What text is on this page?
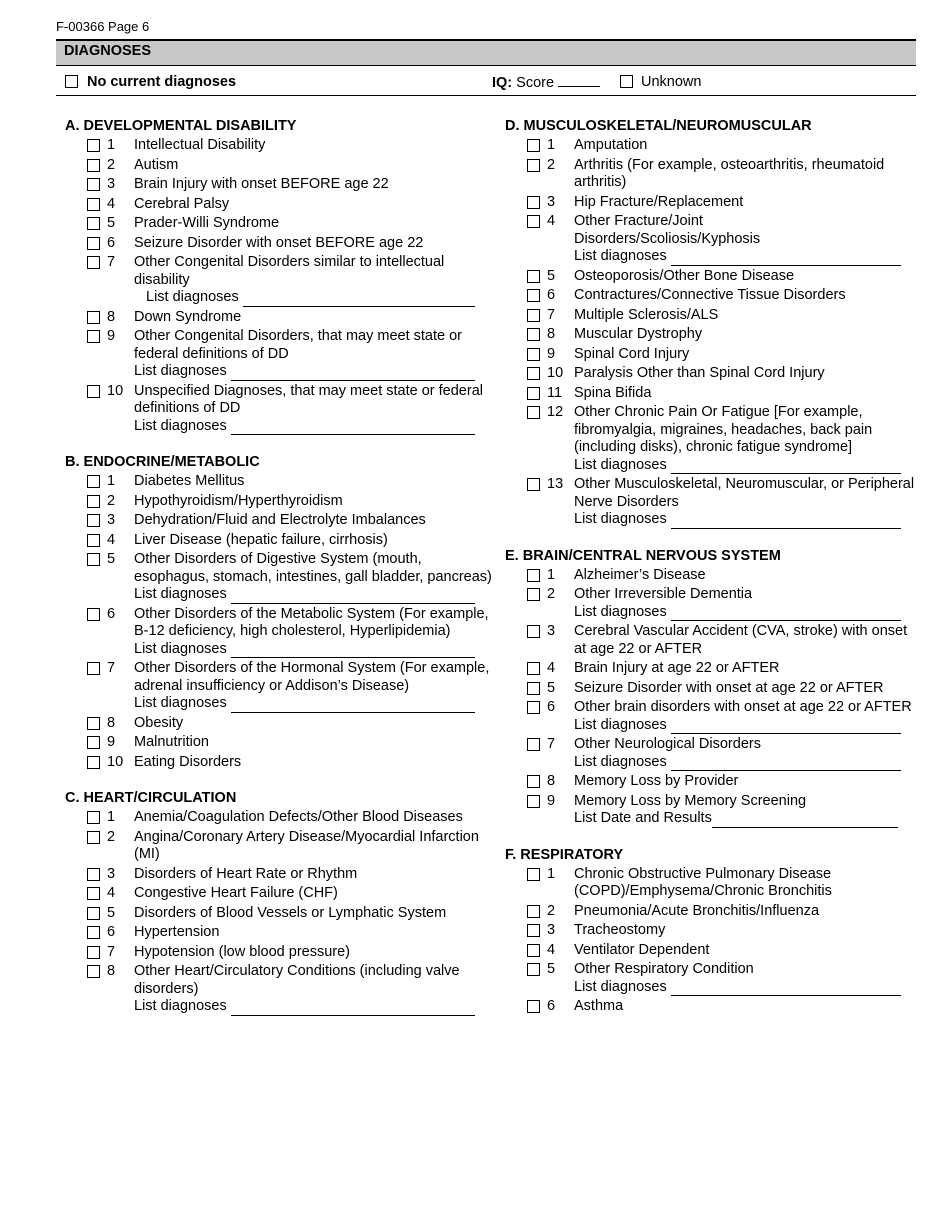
F-00366 Page 6
DIAGNOSES
No current diagnoses	IQ: Score	Unknown
A. DEVELOPMENTAL DISABILITY
1 Intellectual Disability
2 Autism
3 Brain Injury with onset BEFORE age 22
4 Cerebral Palsy
5 Prader-Willi Syndrome
6 Seizure Disorder with onset BEFORE age 22
7 Other Congenital Disorders similar to intellectual disability
List diagnoses
8 Down Syndrome
9 Other Congenital Disorders, that may meet state or federal definitions of DD
List diagnoses
10 Unspecified Diagnoses, that may meet state or federal definitions of DD
List diagnoses
B. ENDOCRINE/METABOLIC
1 Diabetes Mellitus
2 Hypothyroidism/Hyperthyroidism
3 Dehydration/Fluid and Electrolyte Imbalances
4 Liver Disease (hepatic failure, cirrhosis)
5 Other Disorders of Digestive System (mouth, esophagus, stomach, intestines, gall bladder, pancreas)
List diagnoses
6 Other Disorders of the Metabolic System (For example, B-12 deficiency, high cholesterol, Hyperlipidemia)
List diagnoses
7 Other Disorders of the Hormonal System (For example, adrenal insufficiency or Addison’s Disease)
List diagnoses
8 Obesity
9 Malnutrition
10 Eating Disorders
C. HEART/CIRCULATION
1 Anemia/Coagulation Defects/Other Blood Diseases
2 Angina/Coronary Artery Disease/Myocardial Infarction (MI)
3 Disorders of Heart Rate or Rhythm
4 Congestive Heart Failure (CHF)
5 Disorders of Blood Vessels or Lymphatic System
6 Hypertension
7 Hypotension (low blood pressure)
8 Other Heart/Circulatory Conditions (including valve disorders)
List diagnoses
D. MUSCULOSKELETAL/NEUROMUSCULAR
1 Amputation
2 Arthritis (For example, osteoarthritis, rheumatoid arthritis)
3 Hip Fracture/Replacement
4 Other Fracture/Joint Disorders/Scoliosis/Kyphosis
List diagnoses
5 Osteoporosis/Other Bone Disease
6 Contractures/Connective Tissue Disorders
7 Multiple Sclerosis/ALS
8 Muscular Dystrophy
9 Spinal Cord Injury
10 Paralysis Other than Spinal Cord Injury
11 Spina Bifida
12 Other Chronic Pain Or Fatigue [For example, fibromyalgia, migraines, headaches, back pain (including disks), chronic fatigue syndrome]
List diagnoses
13 Other Musculoskeletal, Neuromuscular, or Peripheral Nerve Disorders
List diagnoses
E. BRAIN/CENTRAL NERVOUS SYSTEM
1 Alzheimer’s Disease
2 Other Irreversible Dementia
List diagnoses
3 Cerebral Vascular Accident (CVA, stroke) with onset at age 22 or AFTER
4 Brain Injury at age 22 or AFTER
5 Seizure Disorder with onset at age 22 or AFTER
6 Other brain disorders with onset at age 22 or AFTER
List diagnoses
7 Other Neurological Disorders
List diagnoses
8 Memory Loss by Provider
9 Memory Loss by Memory Screening
List Date and Results
F. RESPIRATORY
1 Chronic Obstructive Pulmonary Disease (COPD)/Emphysema/Chronic Bronchitis
2 Pneumonia/Acute Bronchitis/Influenza
3 Tracheostomy
4 Ventilator Dependent
5 Other Respiratory Condition
List diagnoses
6 Asthma
